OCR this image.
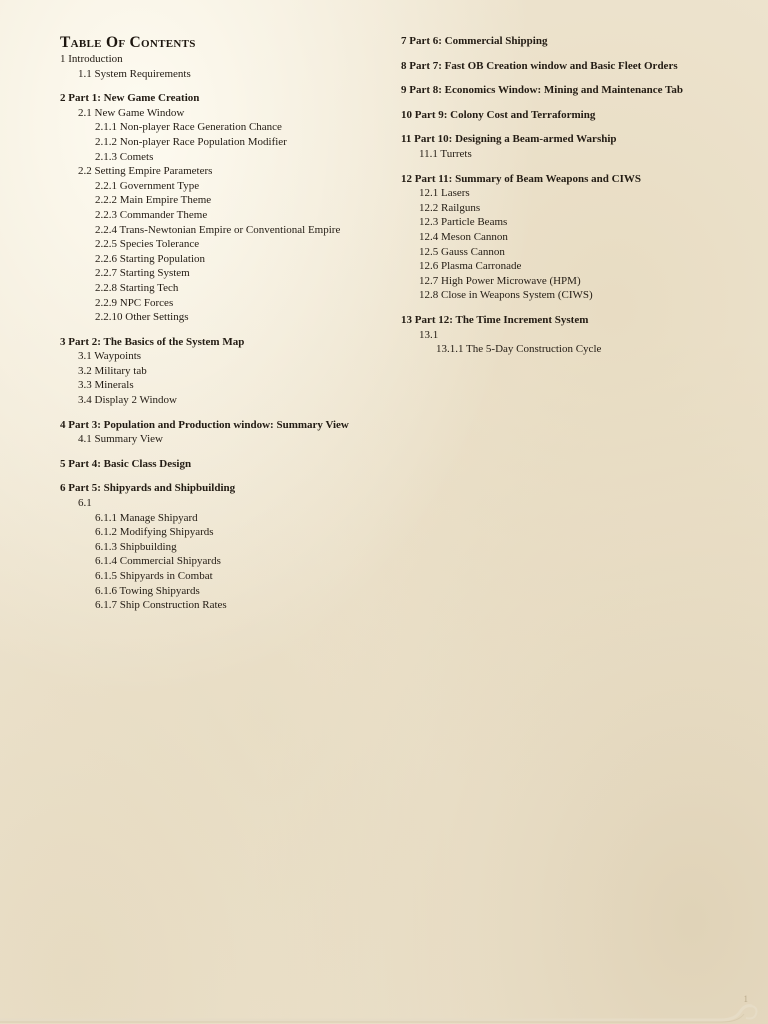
Table Of Contents
1 Introduction
1.1 System Requirements
2 Part 1: New Game Creation
2.1 New Game Window
2.1.1 Non-player Race Generation Chance
2.1.2 Non-player Race Population Modifier
2.1.3 Comets
2.2 Setting Empire Parameters
2.2.1 Government Type
2.2.2 Main Empire Theme
2.2.3 Commander Theme
2.2.4 Trans-Newtonian Empire or Conventional Empire
2.2.5 Species Tolerance
2.2.6 Starting Population
2.2.7 Starting System
2.2.8 Starting Tech
2.2.9 NPC Forces
2.2.10 Other Settings
3 Part 2: The Basics of the System Map
3.1 Waypoints
3.2 Military tab
3.3 Minerals
3.4 Display 2 Window
4 Part 3: Population and Production window: Summary View
4.1 Summary View
5 Part 4: Basic Class Design
6 Part 5: Shipyards and Shipbuilding
6.1
6.1.1 Manage Shipyard
6.1.2 Modifying Shipyards
6.1.3 Shipbuilding
6.1.4 Commercial Shipyards
6.1.5 Shipyards in Combat
6.1.6 Towing Shipyards
6.1.7 Ship Construction Rates
7 Part 6: Commercial Shipping
8 Part 7: Fast OB Creation window and Basic Fleet Orders
9 Part 8: Economics Window: Mining and Maintenance Tab
10 Part 9: Colony Cost and Terraforming
11 Part 10: Designing a Beam-armed Warship
11.1 Turrets
12 Part 11: Summary of Beam Weapons and CIWS
12.1 Lasers
12.2 Railguns
12.3 Particle Beams
12.4 Meson Cannon
12.5 Gauss Cannon
12.6 Plasma Carronade
12.7 High Power Microwave (HPM)
12.8 Close in Weapons System (CIWS)
13 Part 12: The Time Increment System
13.1
13.1.1 The 5-Day Construction Cycle
1
